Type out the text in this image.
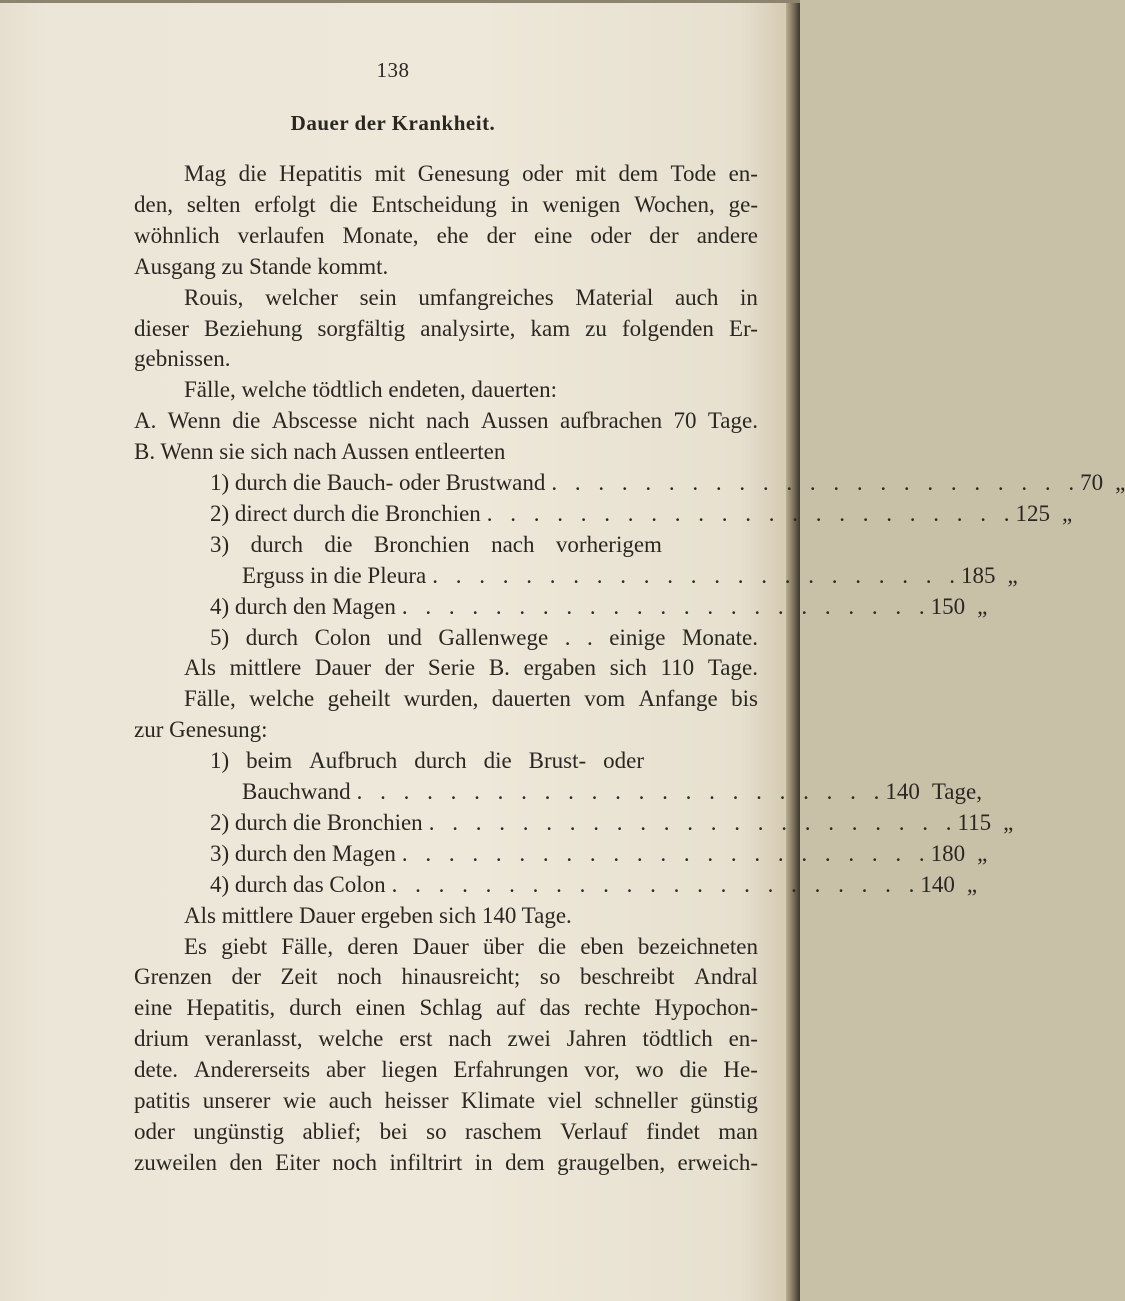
138
Dauer der Krankheit.
Mag die Hepatitis mit Genesung oder mit dem Tode en-
den, selten erfolgt die Entscheidung in wenigen Wochen, ge-
wöhnlich verlaufen Monate, ehe der eine oder der andere
Ausgang zu Stande kommt.
Rouis, welcher sein umfangreiches Material auch in
dieser Beziehung sorgfältig analysirte, kam zu folgenden Er-
gebnissen.
Fälle, welche tödtlich endeten, dauerten:
A. Wenn die Abscesse nicht nach Aussen aufbrachen 70 Tage.
B. Wenn sie sich nach Aussen entleerten
1) durch die Bauch- oder Brustwand . . . . . . . . . . . . . . . . . . . . . . . 70 „
2) direct durch die Bronchien . . . . . . . . . . . . . . . . . . . . . . . 125 „
3) durch die Bronchien nach vorherigem
Erguss in die Pleura . . . . . . . . . . . . . . . . . . . . . . . 185 „
4) durch den Magen . . . . . . . . . . . . . . . . . . . . . . . 150 „
5) durch Colon und Gallenwege . . einige Monate.
Als mittlere Dauer der Serie B. ergaben sich 110 Tage.
Fälle, welche geheilt wurden, dauerten vom Anfange bis
zur Genesung:
1) beim Aufbruch durch die Brust- oder
Bauchwand . . . . . . . . . . . . . . . . . . . . . . . 140 Tage,
2) durch die Bronchien . . . . . . . . . . . . . . . . . . . . . . . 115 „
3) durch den Magen . . . . . . . . . . . . . . . . . . . . . . . 180 „
4) durch das Colon . . . . . . . . . . . . . . . . . . . . . . . 140 „
Als mittlere Dauer ergeben sich 140 Tage.
Es giebt Fälle, deren Dauer über die eben bezeichneten
Grenzen der Zeit noch hinausreicht; so beschreibt Andral
eine Hepatitis, durch einen Schlag auf das rechte Hypochon-
drium veranlasst, welche erst nach zwei Jahren tödtlich en-
dete. Andererseits aber liegen Erfahrungen vor, wo die He-
patitis unserer wie auch heisser Klimate viel schneller günstig
oder ungünstig ablief; bei so raschem Verlauf findet man
zuweilen den Eiter noch infiltrirt in dem graugelben, erweich-
